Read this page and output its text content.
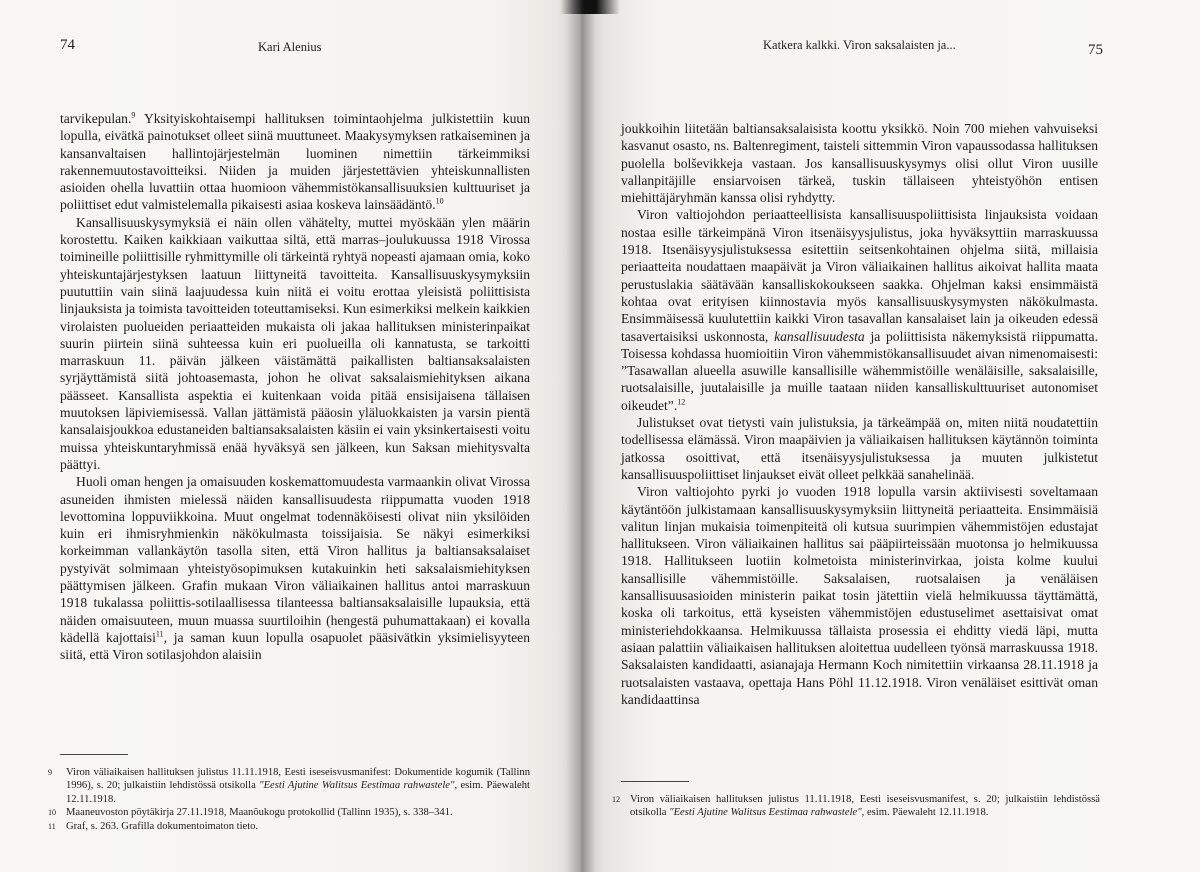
74	Kari Alenius

tarvikepulan.$^9$ Yksityiskohtaisempi hallituksen toimintaohjelma julkistettiin kuun lopulla, eivätkä painotukset olleet siinä muuttuneet. Maakysymyksen ratkaiseminen ja kansanvaltaisen hallintojärjestelmän luominen nimettiin tärkeimmiksi rakennemuutostavoitteiksi. Niiden ja muiden järjestettävien yhteiskunnallisten asioiden ohella luvattiin ottaa huomioon vähemmistökansallisuuksien kulttuuriset ja poliittiset edut valmistelemalla pikaisesti asiaa koskeva lainsäädäntö.$^{10}$

Kansallisuuskysymyksiä ei näin ollen vähätelty, muttei myöskään ylen määrin korostettu. Kaiken kaikkiaan vaikuttaa siltä, että marras–joulukuussa 1918 Virossa toimineille poliittisille ryhmittymille oli tärkeintä ryhtyä nopeasti ajamaan omia, koko yhteiskuntajärjestyksen laatuun liittyneitä tavoitteita. Kansallisuuskysymyksiin puututtiin vain siinä laajuudessa kuin niitä ei voitu erottaa yleisistä poliittisista linjauksista ja toimista tavoitteiden toteuttamiseksi. Kun esimerkiksi melkein kaikkien virolaisten puolueiden periaatteiden mukaista oli jakaa hallituksen ministerinpaikat suurin piirtein siinä suhteessa kuin eri puolueilla oli kannatusta, se tarkoitti marraskuun 11. päivän jälkeen väistämättä paikallisten baltiansaksalaisten syrjäyttämistä siitä johtoasemasta, johon he olivat saksalaismiehityksen aikana päässeet. Kansallista aspektia ei kuitenkaan voida pitää ensisijaisena tällaisen muutoksen läpiviemisessä. Vallan jättämistä pääosin yläluokkaisten ja varsin pientä kansalaisjoukkoa edustaneiden baltiansaksalaisten käsiin ei vain yksinkertaisesti voitu muissa yhteiskuntaryhmissä enää hyväksyä sen jälkeen, kun Saksan miehitysvalta päättyi.

Huoli oman hengen ja omaisuuden koskemattomuudesta varmaankin olivat Virossa asuneiden ihmisten mielessä näiden kansallisuudesta riippumatta vuoden 1918 levottomina loppuviikkoina. Muut ongelmat todennäköisesti olivat niin yksilöiden kuin eri ihmisryhmienkin näkökulmasta toissijaisia. Se näkyi esimerkiksi korkeimman vallankäytön tasolla siten, että Viron hallitus ja baltiansaksalaiset pystyivät solmimaan yhteistyösopimuksen kutakuinkin heti saksalaismiehityksen päättymisen jälkeen. Grafin mukaan Viron väliaikainen hallitus antoi marraskuun 1918 tukalassa poliittis-sotilaallisessa tilanteessa baltiansaksalaisille lupauksia, että näiden omaisuuteen, muun muassa suurtiloihin (hengestä puhumattakaan) ei kovalla kädellä kajottaisi$^{11}$, ja saman kuun lopulla osapuolet pääsivätkin yksimielisyyteen siitä, että Viron sotilasjohdon alaisiin

9 Viron väliaikaisen hallituksen julistus 11.11.1918, Eesti iseseisvusmanifest: Dokumentide kogumik (Tallinn 1996), s. 20; julkaistiin lehdistössä otsikolla "Eesti Ajutine Walitsus Eestimaa rahwastele", esim. Päewaleht 12.11.1918.

10 Maaneuvoston pöytäkirja 27.11.1918, Maanõukogu protokollid (Tallinn 1935), s. 338–341.

11 Graf, s. 263. Grafilla dokumentoimaton tieto.

Katkera kalkki. Viron saksalaisten ja...	75

joukkoihin liitetään baltiansaksalaisista koottu yksikkö. Noin 700 miehen vahvuiseksi kasvanut osasto, ns. Baltenregiment, taisteli sittemmin Viron vapaussodassa hallituksen puolella bolševikkeja vastaan. Jos kansallisuuskysymys olisi ollut Viron uusille vallanpitäjille ensiarvoisen tärkeä, tuskin tällaiseen yhteistyöhön entisen miehittäjäryhmän kanssa olisi ryhdytty.

Viron valtiojohdon periaatteellisista kansallisuuspoliittisista linjauksista voidaan nostaa esille tärkeimpänä Viron itsenäisyysjulistus, joka hyväksyttiin marraskuussa 1918. Itsenäisyysjulistuksessa esitettiin seitsenkohtainen ohjelma siitä, millaisia periaatteita noudattaen maapäivät ja Viron väliaikainen hallitus aikoivat hallita maata perustuslakia säätävään kansalliskokoukseen saakka. Ohjelman kaksi ensimmäistä kohtaa ovat erityisen kiinnostavia myös kansallisuuskysymysten näkökulmasta. Ensimmäisessä kuulutettiin kaikki Viron tasavallan kansalaiset lain ja oikeuden edessä tasavertaisiksi uskonnosta, kansallisuudesta ja poliittisista näkemyksistä riippumatta. Toisessa kohdassa huomioitiin Viron vähemmistökansallisuudet aivan nimenomaisesti: ”Tasawallan alueella asuwille kansallisille wähemmistöille wenäläisille, saksalaisille, ruotsalaisille, juutalaisille ja muille taataan niiden kansalliskulttuuriset autonomiset oikeudet”.$^{12}$

Julistukset ovat tietysti vain julistuksia, ja tärkeämpää on, miten niitä noudatettiin todellisessa elämässä. Viron maapäivien ja väliaikaisen hallituksen käytännön toiminta jatkossa osoittivat, että itsenäisyysjulistuksessa ja muuten julkistetut kansallisuuspoliittiset linjaukset eivät olleet pelkkää sanahelinää.

Viron valtiojohto pyrki jo vuoden 1918 lopulla varsin aktiivisesti soveltamaan käytäntöön julkistamaan kansallisuuskysymyksiin liittyneitä periaatteita. Ensimmäisiä valitun linjan mukaisia toimenpiteitä oli kutsua suurimpien vähemmistöjen edustajat hallitukseen. Viron väliaikainen hallitus sai pääpiirteissään muotonsa jo helmikuussa 1918. Hallitukseen luotiin kolmetoista ministerinvirkaa, joista kolme kuului kansallisille vähemmistöille. Saksalaisen, ruotsalaisen ja venäläisen kansallisuusasioiden ministerin paikat tosin jätettiin vielä helmikuussa täyttämättä, koska oli tarkoitus, että kyseisten vähemmistöjen edustuselimet asettaisivat omat ministeriehdokkaansa. Helmikuussa tällaista prosessia ei ehditty viedä läpi, mutta asiaan palattiin väliaikaisen hallituksen aloitettua uudelleen työnsä marraskuussa 1918. Saksalaisten kandidaatti, asianajaja Hermann Koch nimitettiin virkaansa 28.11.1918 ja ruotsalaisten vastaava, opettaja Hans Pöhl 11.12.1918. Viron venäläiset esittivät oman kandidaattinsa

12 Viron väliaikaisen hallituksen julistus 11.11.1918, Eesti iseseisvusmanifest, s. 20; julkaistiin lehdistössä otsikolla "Eesti Ajutine Walitsus Eestimaa rahwastele", esim. Päewaleht 12.11.1918.
